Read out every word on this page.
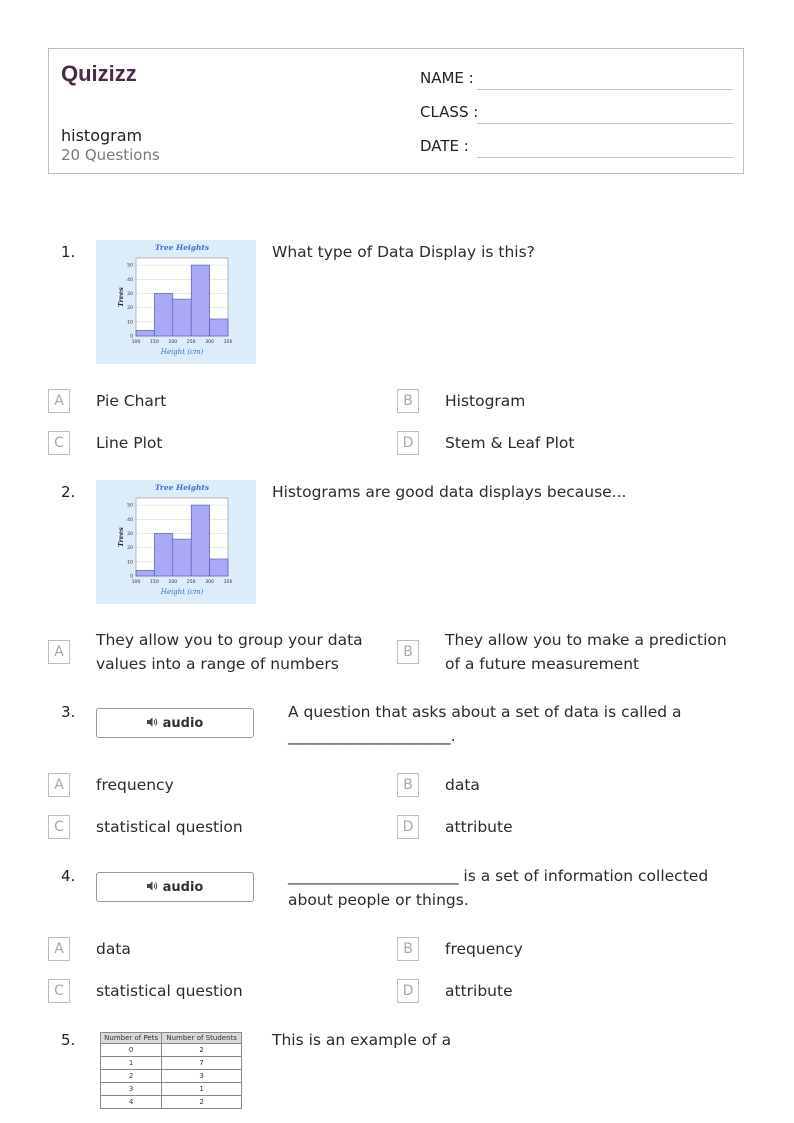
Quizizz
histogram
20 Questions
NAME :
CLASS :
DATE :
1.
0
10
20
30
40
50
100 150 200 250 300 350
Tree Heights
Height (cm)
Trees
What type of Data Display is this?
A	Pie Chart	B	Histogram
C	Line Plot	D	Stem & Leaf Plot
2.
0
10
20
30
40
50
100 150 200 250 300 350
Tree Heights
Height (cm)
Trees
Histograms are good data displays because...
A
They allow you to group your data values into a range of numbers
B
They allow you to make a prediction of a future measurement
3.
audio
A question that asks about a set of data is called a _____________________.
A	frequency	B	data
C	statistical question	D	attribute
4.
audio
______________________ is a set of information collected about people or things.
A	data	B	frequency
C	statistical question	D	attribute
5.	Number of Pets	Number of Students
0	2
1	7
2	3
3	1
4	2
This is an example of a
